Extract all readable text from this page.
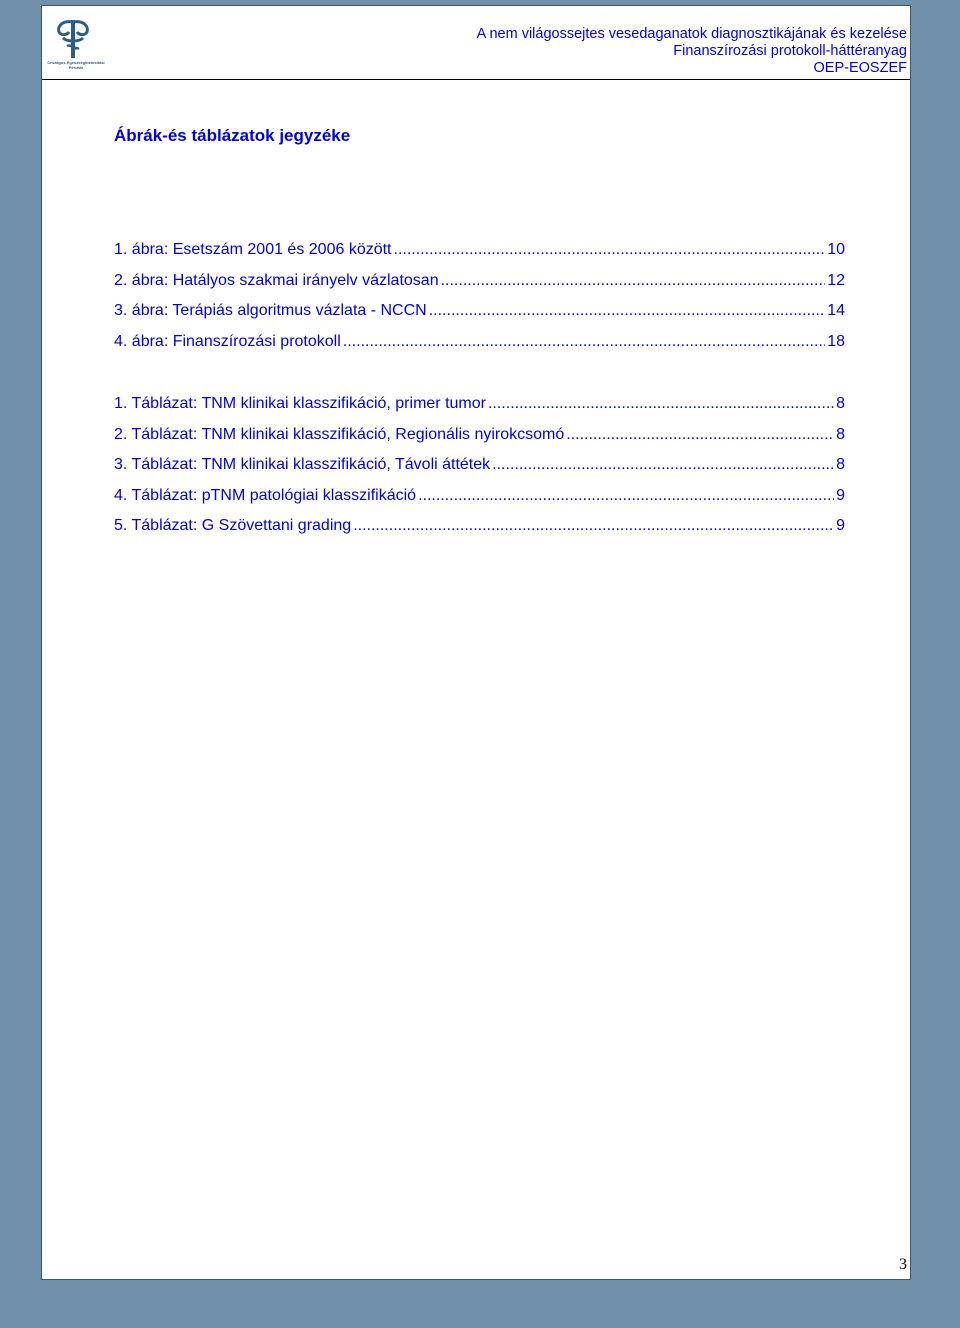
Országos Egészségbiztosítási
Pénztár
A nem világossejtes vesedaganatok diagnosztikájának és kezelése
Finanszírozási protokoll-háttéranyag
OEP-EOSZEF
Ábrák-és táblázatok jegyzéke
1. ábra: Esetszám 2001 és 2006 között .....	10
2. ábra: Hatályos szakmai irányelv vázlatosan .....	12
3. ábra: Terápiás algoritmus vázlata - NCCN .....	14
4. ábra: Finanszírozási protokoll .....	18
1. Táblázat: TNM klinikai klasszifikáció, primer tumor .....	8
2. Táblázat: TNM klinikai klasszifikáció, Regionális nyirokcsomó .....	8
3. Táblázat: TNM klinikai klasszifikáció, Távoli áttétek .....	8
4. Táblázat: pTNM patológiai klasszifikáció .....	9
5. Táblázat: G Szövettani grading .....	9
3
